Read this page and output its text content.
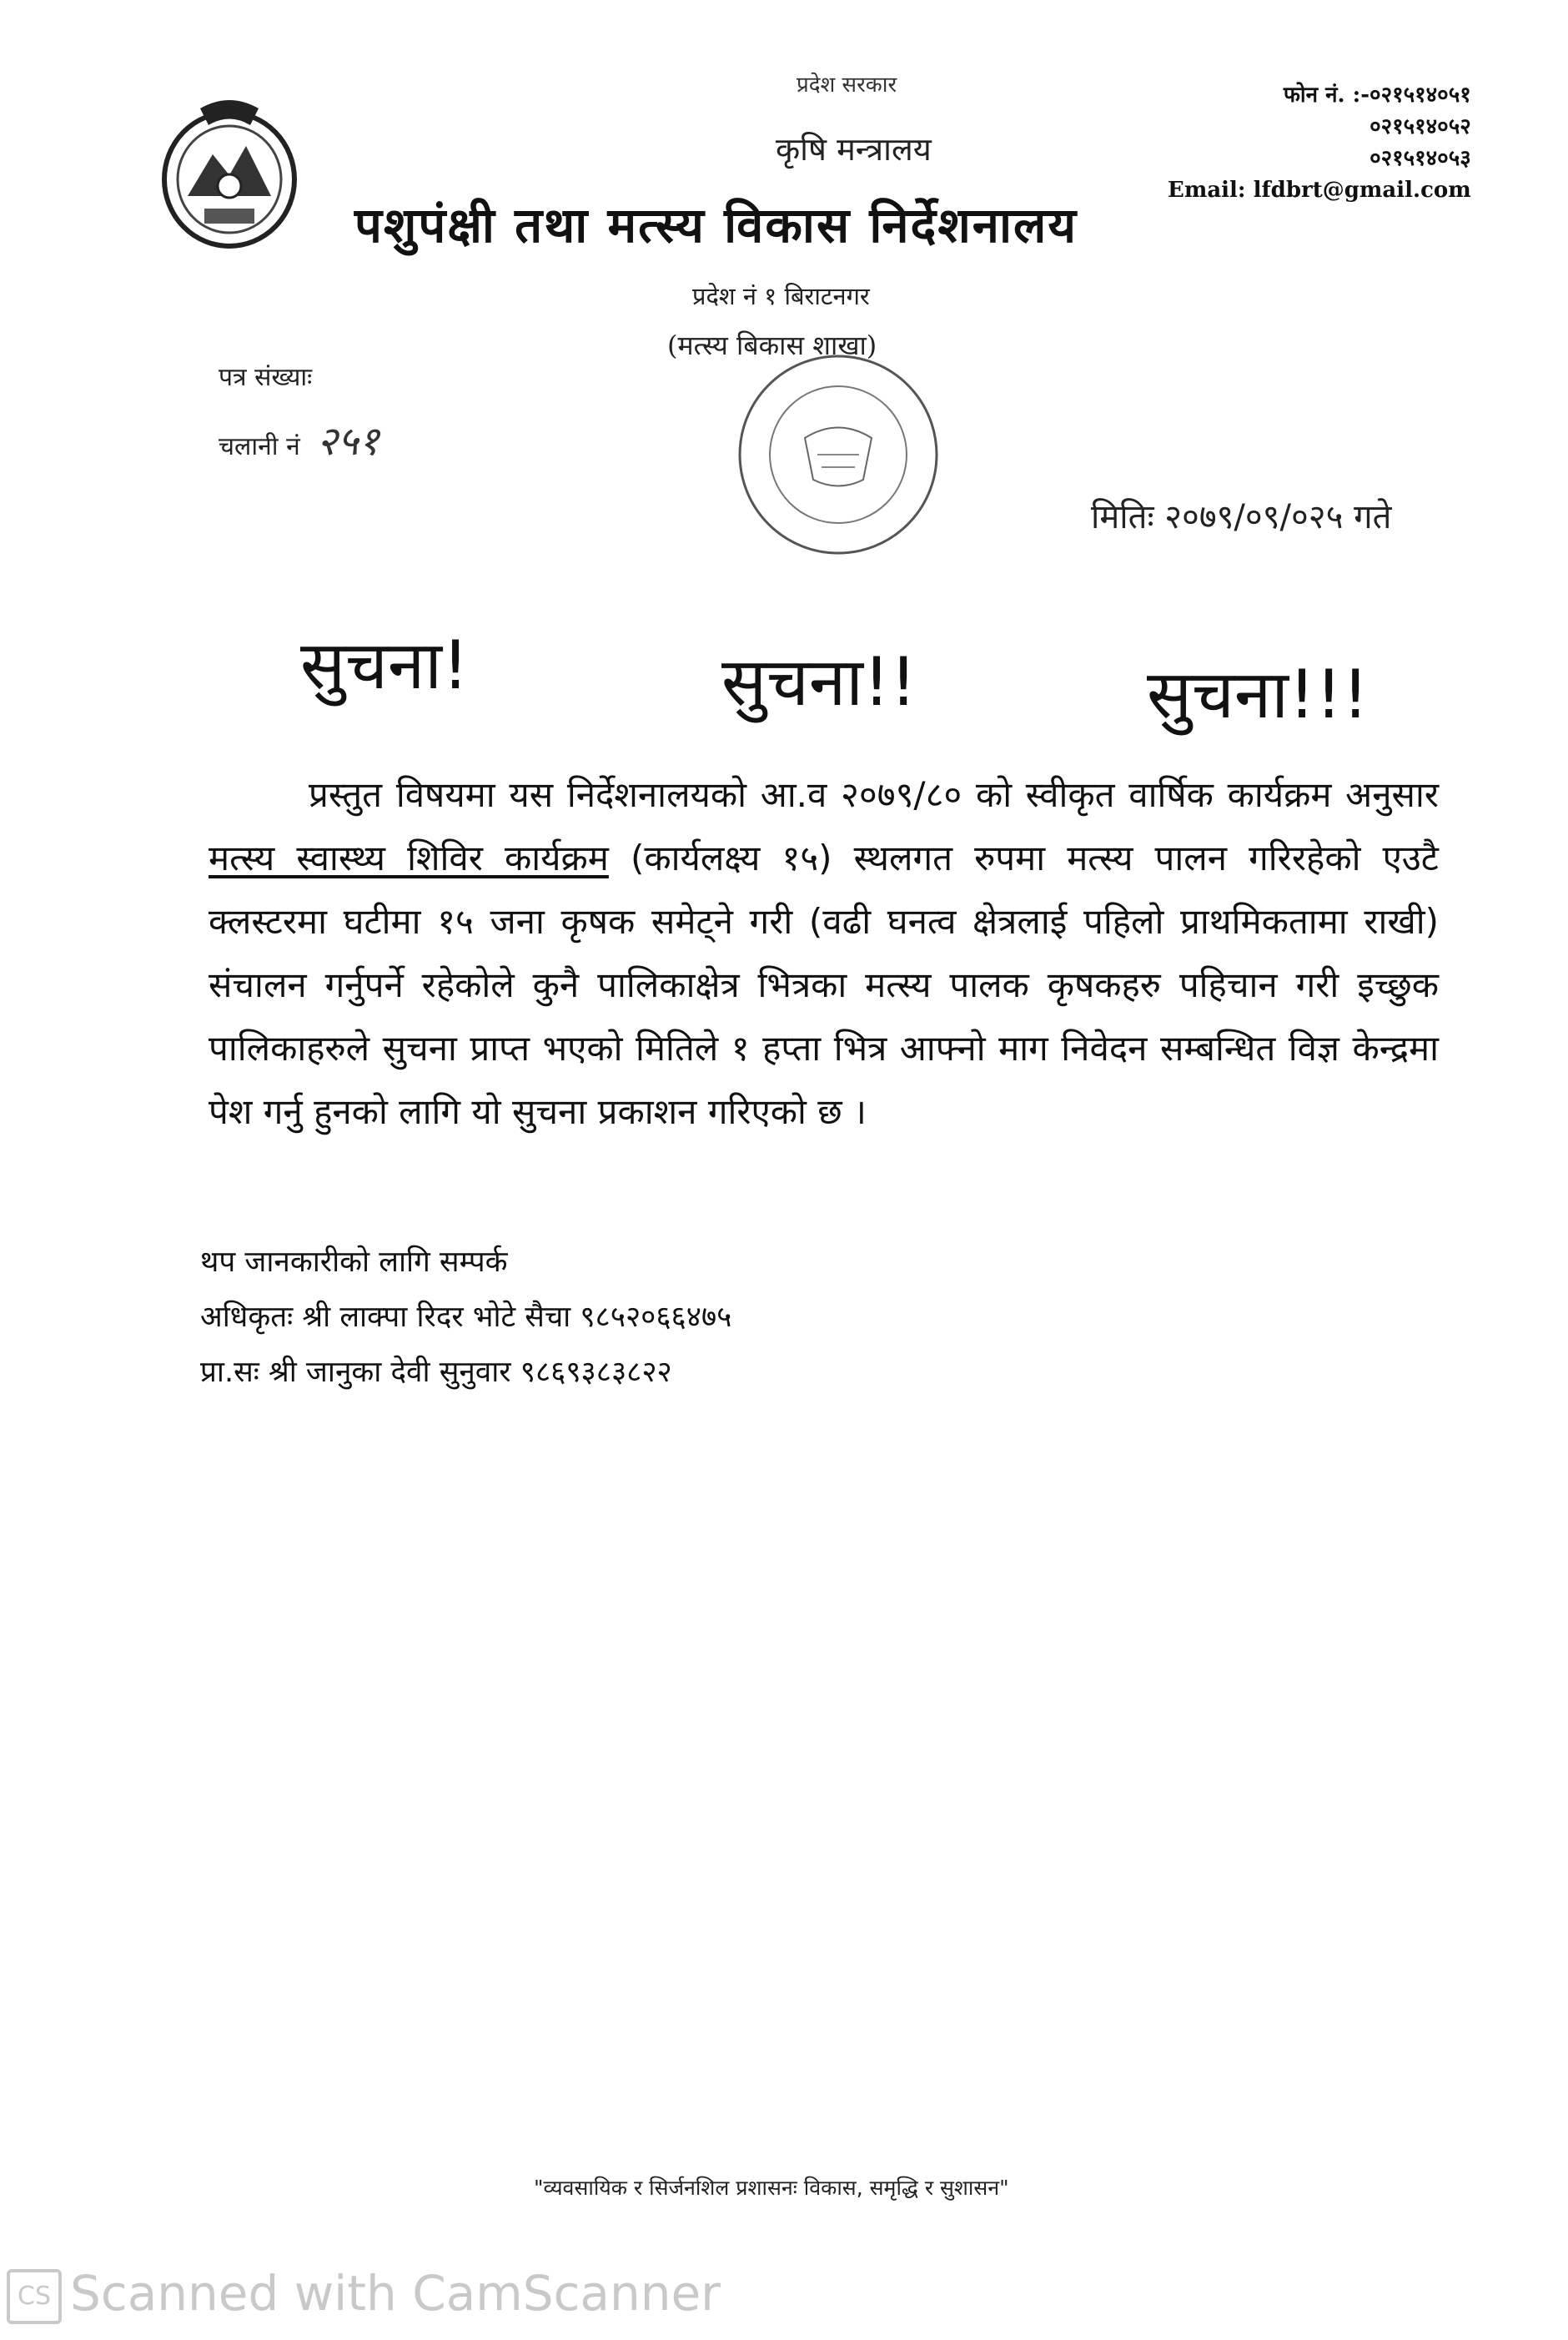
प्रदेश सरकार
कृषि मन्त्रालय
पशुपंक्षी तथा मत्स्य विकास निर्देशनालय
फोन नं. :-०२१५१४०५१
०२१५१४०५२
०२१५१४०५३
Email: lfdbrt@gmail.com
प्रदेश नं १ बिराटनगर
(मत्स्य बिकास शाखा)
पत्र संख्याः
चलानी नं २५१
मितिः २०७९/०९/०२५ गते
सुचना!	सुचना!!	सुचना!!!
प्रस्तुत विषयमा यस निर्देशनालयको आ.व २०७९/८० को स्वीकृत वार्षिक कार्यक्रम अनुसार मत्स्य स्वास्थ्य शिविर कार्यक्रम (कार्यलक्ष्य १५) स्थलगत रुपमा मत्स्य पालन गरिरहेको एउटै क्लस्टरमा घटीमा १५ जना कृषक समेट्ने गरी (वढी घनत्व क्षेत्रलाई पहिलो प्राथमिकतामा राखी) संचालन गर्नुपर्ने रहेकोले कुनै पालिकाक्षेत्र भित्रका मत्स्य पालक कृषकहरु पहिचान गरी इच्छुक पालिकाहरुले सुचना प्राप्त भएको मितिले १ हप्ता भित्र आफ्नो माग निवेदन सम्बन्धित विज्ञ केन्द्रमा पेश गर्नु हुनको लागि यो सुचना प्रकाशन गरिएको छ ।
थप जानकारीको लागि सम्पर्क
अधिकृतः श्री लाक्पा रिदर भोटे सैचा ९८५२०६६४७५
प्रा.सः श्री जानुका देवी सुनुवार ९८६९३८३८२२
"व्यवसायिक र सिर्जनशिल प्रशासनः विकास, समृद्धि र सुशासन"
CS Scanned with CamScanner
